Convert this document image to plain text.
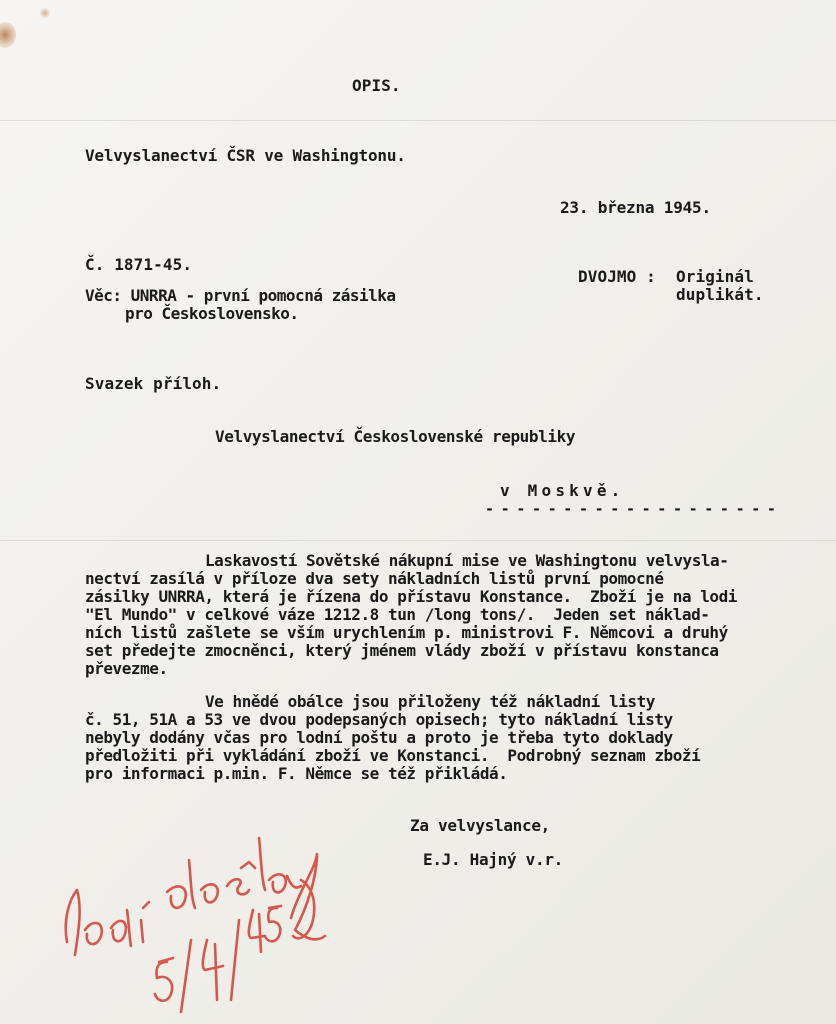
OPIS.
Velvyslanectví ČSR ve Washingtonu.
23. března 1945.
Č. 1871-45.
DVOJMO : Originál
duplikát.
Věc: UNRRA - první pomocná zásilka
pro Československo.
Svazek příloh.
Velvyslanectví Československé republiky
v Moskvě.
- - - - - - - - - - - - - - - - - - -
Laskavostí Sovětské nákupní mise ve Washingtonu velvysla-
nectví zasílá v příloze dva sety nákladních listů první pomocné
zásilky UNRRA, která je řízena do přístavu Konstance.  Zboží je na lodi
"El Mundo" v celkové váze 1212.8 tun /long tons/.  Jeden set náklad-
ních listů zašlete se vším urychlením p. ministrovi F. Němcovi a druhý
set předejte zmocněnci, který jménem vlády zboží v přístavu konstanca
převezme.
Ve hnědé obálce jsou přiloženy též nákladní listy
č. 51, 51A a 53 ve dvou podepsaných opisech; tyto nákladní listy
nebyly dodány včas pro lodní poštu a proto je třeba tyto doklady
předložiti při vykládání zboží ve Konstanci.  Podrobný seznam zboží
pro informaci p.min. F. Němce se též přikládá.
Za velvyslance,
E.J. Hajný v.r.
